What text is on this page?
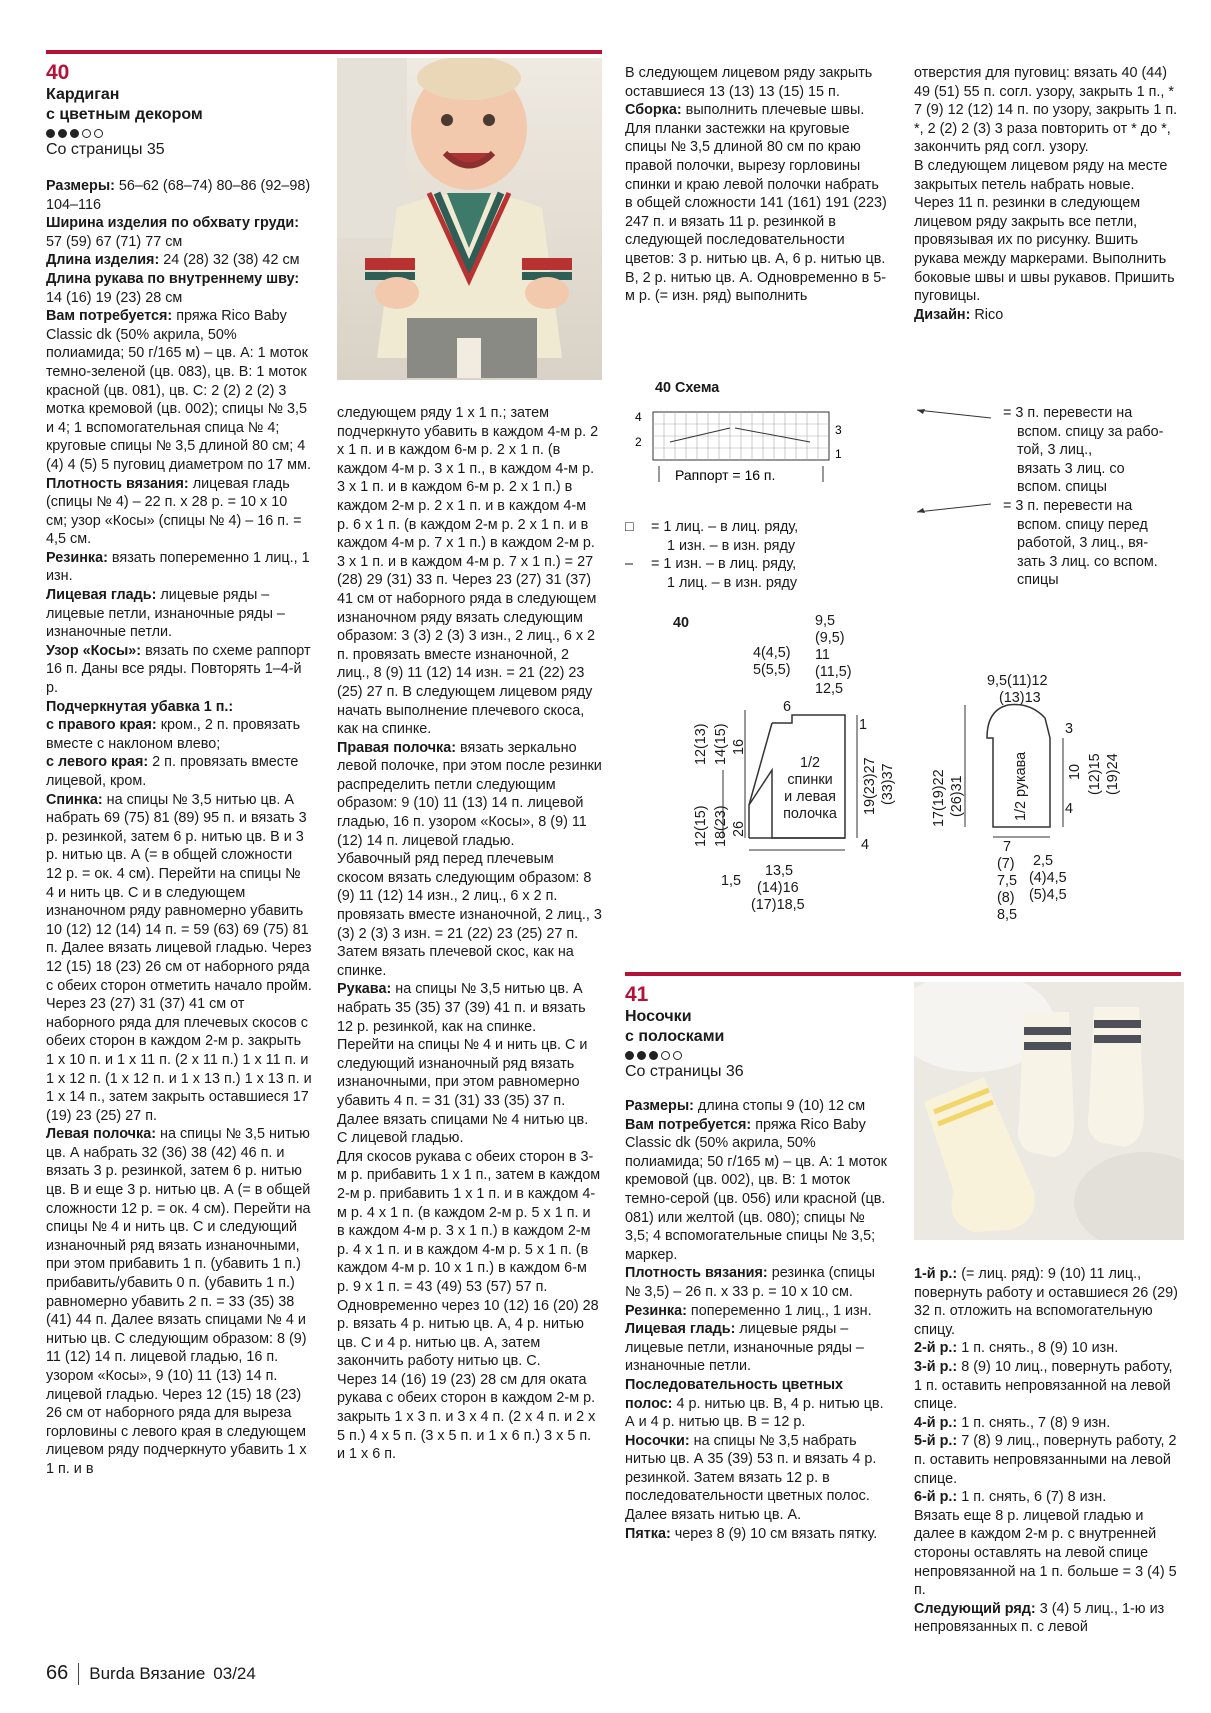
40
Кардиган
с цветным декором
Со страницы 35

Размеры: 56–62 (68–74) 80–86 (92–98) 104–116

Ширина изделия по обхвату груди: 57 (59) 67 (71) 77 см

Длина изделия: 24 (28) 32 (38) 42 см

Длина рукава по внутреннему шву: 14 (16) 19 (23) 28 см

Вам потребуется: пряжа Rico Baby Classic dk (50% акрила, 50% полиамида; 50 г/165 м) – цв. А: 1 моток темно-зеленой (цв. 083), цв. В: 1 моток красной (цв. 081), цв. С: 2 (2) 2 (2) 3 мотка кремовой (цв. 002); спицы № 3,5 и 4; 1 вспомогательная спица № 4; круговые спицы № 3,5 длиной 80 см; 4 (4) 4 (5) 5 пуговиц диаметром по 17 мм.

Плотность вязания: лицевая гладь (спицы № 4) – 22 п. х 28 р. = 10 х 10 см; узор «Косы» (спицы № 4) – 16 п. = 4,5 см.

Резинка: вязать попеременно 1 лиц., 1 изн.

Лицевая гладь: лицевые ряды – лицевые петли, изнаночные ряды – изнаночные петли.

Узор «Косы»: вязать по схеме раппорт 16 п. Даны все ряды. Повторять 1–4-й р.

Подчеркнутая убавка 1 п.:

с правого края: кром., 2 п. провязать вместе с наклоном влево;

с левого края: 2 п. провязать вместе лицевой, кром.

Спинка: на спицы № 3,5 нитью цв. А набрать 69 (75) 81 (89) 95 п. и вязать 3 р. резинкой, затем 6 р. нитью цв. В и 3 р. нитью цв. А (= в общей сложности 12 р. = ок. 4 см). Перейти на спицы № 4 и нить цв. С и в следующем изнаночном ряду равномерно убавить 10 (12) 12 (14) 14 п. = 59 (63) 69 (75) 81 п. Далее вязать лицевой гладью. Через 12 (15) 18 (23) 26 см от наборного ряда с обеих сторон отметить начало пройм. Через 23 (27) 31 (37) 41 см от наборного ряда для плечевых скосов с обеих сторон в каждом 2-м р. закрыть 1 х 10 п. и 1 х 11 п. (2 х 11 п.) 1 х 11 п. и 1 х 12 п. (1 х 12 п. и 1 х 13 п.) 1 х 13 п. и 1 х 14 п., затем закрыть оставшиеся 17 (19) 23 (25) 27 п.

Левая полочка: на спицы № 3,5 нитью цв. А набрать 32 (36) 38 (42) 46 п. и вязать 3 р. резинкой, затем 6 р. нитью цв. В и еще 3 р. нитью цв. А (= в общей сложности 12 р. = ок. 4 см). Перейти на спицы № 4 и нить цв. С и следующий изнаночный ряд вязать изнаночными, при этом прибавить 1 п. (убавить 1 п.) прибавить/убавить 0 п. (убавить 1 п.) равномерно убавить 2 п. = 33 (35) 38 (41) 44 п. Далее вязать спицами № 4 и нитью цв. С следующим образом: 8 (9) 11 (12) 14 п. лицевой гладью, 16 п. узором «Косы», 9 (10) 11 (13) 14 п. лицевой гладью. Через 12 (15) 18 (23) 26 см от наборного ряда для выреза горловины с левого края в следующем лицевом ряду подчеркнуто убавить 1 х 1 п. и в

следующем ряду 1 х 1 п.; затем подчеркнуто убавить в каждом 4-м р. 2 х 1 п. и в каждом 6-м р. 2 х 1 п. (в каждом 4-м р. 3 х 1 п., в каждом 4-м р. 3 х 1 п. и в каждом 6-м р. 2 х 1 п.) в каждом 2-м р. 2 х 1 п. и в каждом 4-м р. 6 х 1 п. (в каждом 2-м р. 2 х 1 п. и в каждом 4-м р. 7 х 1 п.) в каждом 2-м р. 3 х 1 п. и в каждом 4-м р. 7 х 1 п.) = 27 (28) 29 (31) 33 п. Через 23 (27) 31 (37) 41 см от наборного ряда в следующем изнаночном ряду вязать следующим образом: 3 (3) 2 (3) 3 изн., 2 лиц., 6 х 2 п. провязать вместе изнаночной, 2 лиц., 8 (9) 11 (12) 14 изн. = 21 (22) 23 (25) 27 п. В следующем лицевом ряду начать выполнение плечевого скоса, как на спинке.

Правая полочка: вязать зеркально левой полочке, при этом после резинки распределить петли следующим образом: 9 (10) 11 (13) 14 п. лицевой гладью, 16 п. узором «Косы», 8 (9) 11 (12) 14 п. лицевой гладью.

Убавочный ряд перед плечевым скосом вязать следующим образом: 8 (9) 11 (12) 14 изн., 2 лиц., 6 х 2 п. провязать вместе изнаночной, 2 лиц., 3 (3) 2 (3) 3 изн. = 21 (22) 23 (25) 27 п.

Затем вязать плечевой скос, как на спинке.

Рукава: на спицы № 3,5 нитью цв. А набрать 35 (35) 37 (39) 41 п. и вязать 12 р. резинкой, как на спинке.

Перейти на спицы № 4 и нить цв. С и следующий изнаночный ряд вязать изнаночными, при этом равномерно убавить 4 п. = 31 (31) 33 (35) 37 п.

Далее вязать спицами № 4 нитью цв. С лицевой гладью.

Для скосов рукава с обеих сторон в 3-м р. прибавить 1 х 1 п., затем в каждом 2-м р. прибавить 1 х 1 п. и в каждом 4-м р. 4 х 1 п. (в каждом 2-м р. 5 х 1 п. и в каждом 4-м р. 3 х 1 п.) в каждом 2-м р. 4 х 1 п. и в каждом 4-м р. 5 х 1 п. (в каждом 4-м р. 10 х 1 п.) в каждом 6-м р. 9 х 1 п. = 43 (49) 53 (57) 57 п.

Одновременно через 10 (12) 16 (20) 28 р. вязать 4 р. нитью цв. А, 4 р. нитью цв. С и 4 р. нитью цв. А, затем закончить работу нитью цв. С.

Через 14 (16) 19 (23) 28 см для оката рукава с обеих сторон в каждом 2-м р. закрыть 1 х 3 п. и 3 х 4 п. (2 х 4 п. и 2 х 5 п.) 4 х 5 п. (3 х 5 п. и 1 х 6 п.) 3 х 5 п. и 1 х 6 п.

В следующем лицевом ряду закрыть оставшиеся 13 (13) 13 (15) 15 п.

Сборка: выполнить плечевые швы.

Для планки застежки на круговые спицы № 3,5 длиной 80 см по краю правой полочки, вырезу горловины спинки и краю левой полочки набрать в общей сложности 141 (161) 191 (223) 247 п. и вязать 11 р. резинкой в следующей последовательности цветов: 3 р. нитью цв. А, 6 р. нитью цв. В, 2 р. нитью цв. А. Одновременно в 5-м р. (= изн. ряд) выполнить

отверстия для пуговиц: вязать 40 (44) 49 (51) 55 п. согл. узору, закрыть 1 п., * 7 (9) 12 (12) 14 п. по узору, закрыть 1 п. *, 2 (2) 2 (3) 3 раза повторить от * до *, закончить ряд согл. узору.

В следующем лицевом ряду на месте закрытых петель набрать новые.

Через 11 п. резинки в следующем лицевом ряду закрыть все петли, провязывая их по рисунку. Вшить рукава между маркерами. Выполнить боковые швы и швы рукавов. Пришить пуговицы.

Дизайн: Rico

40 Схема
4
2
3
1
Раппорт = 16 п.
□	= 1 лиц. – в лиц. ряду,
1 изн. – в изн. ряду
–	= 1 изн. – в лиц. ряду,
1 лиц. – в изн. ряду
= 3 п. перевести на
вспом. спицу за рабо-
той, 3 лиц.,
вязать 3 лиц. со
вспом. спицы
= 3 п. перевести на
вспом. спицу перед
работой, 3 лиц., вя-
зать 3 лиц. со вспом.
спицы
40
1/2
спинки
и левая
полочка
9,5
(9,5)
11
(11,5)
12,5
4(4,5)
5(5,5)
6
12(13) 14(15) 16
12(15) 18(23) 26
19(23)27 (33)37
1
4
13,5
(14)16
(17)18,5
1,5
9,5(11)12
(13)13
1/2 рукава
17(19)22 (26)31
3
10 (12)15 (19)24
4
7
(7)
7,5
(8)
8,5
2,5
(4)4,5
(5)4,5
41
Носочки
с полосками
Со страницы 36

Размеры: длина стопы 9 (10) 12 см

Вам потребуется: пряжа Rico Baby Classic dk (50% акрила, 50% полиамида; 50 г/165 м) – цв. А: 1 моток кремовой (цв. 002), цв. В: 1 моток темно-серой (цв. 056) или красной (цв. 081) или желтой (цв. 080); спицы № 3,5; 4 вспомогательные спицы № 3,5; маркер.

Плотность вязания: резинка (спицы № 3,5) – 26 п. х 33 р. = 10 х 10 см.

Резинка: попеременно 1 лиц., 1 изн.

Лицевая гладь: лицевые ряды – лицевые петли, изнаночные ряды – изнаночные петли.

Последовательность цветных полос: 4 р. нитью цв. В, 4 р. нитью цв. А и 4 р. нитью цв. В = 12 р.

Носочки: на спицы № 3,5 набрать нитью цв. А 35 (39) 53 п. и вязать 4 р. резинкой. Затем вязать 12 р. в последовательности цветных полос. Далее вязать нитью цв. А.

Пятка: через 8 (9) 10 см вязать пятку.

1-й р.: (= лиц. ряд): 9 (10) 11 лиц., повернуть работу и оставшиеся 26 (29) 32 п. отложить на вспомогательную спицу.

2-й р.: 1 п. снять., 8 (9) 10 изн.

3-й р.: 8 (9) 10 лиц., повернуть работу, 1 п. оставить непровязанной на левой спице.

4-й р.: 1 п. снять., 7 (8) 9 изн.

5-й р.: 7 (8) 9 лиц., повернуть работу, 2 п. оставить непровязанными на левой спице.

6-й р.: 1 п. снять, 6 (7) 8 изн.

Вязать еще 8 р. лицевой гладью и далее в каждом 2-м р. с внутренней стороны оставлять на левой спице непровязанной на 1 п. больше = 3 (4) 5 п.

Следующий ряд: 3 (4) 5 лиц., 1-ю из непровязанных п. с левой

66 Burda Вязание 03/24
